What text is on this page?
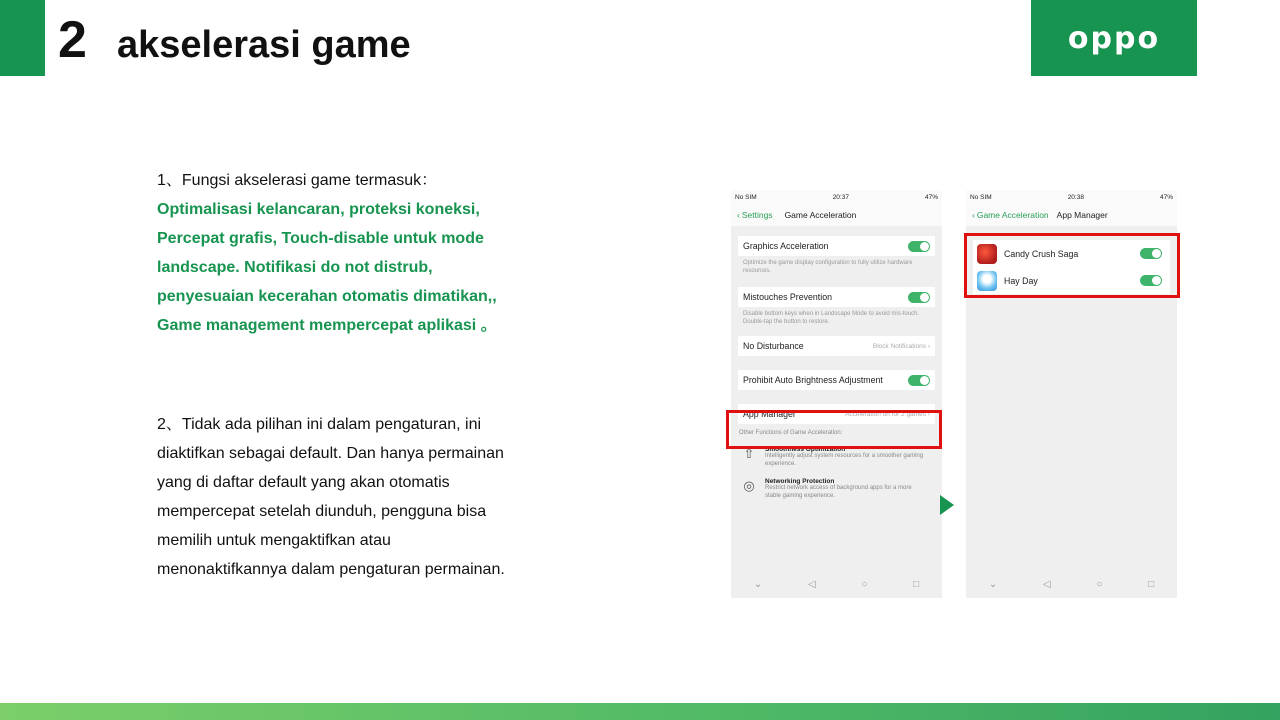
2 akselerasi game	oppo
1、Fungsi akselerasi game termasuk：
Optimalisasi kelancaran, proteksi koneksi,
Percepat grafis, Touch-disable untuk mode
landscape. Notifikasi do not distrub,
penyesuaian kecerahan otomatis dimatikan,,
Game management mempercepat aplikasi 。
2、Tidak ada pilihan ini dalam pengaturan, ini
diaktifkan sebagai default. Dan hanya permainan
yang di daftar default yang akan otomatis
mempercepat setelah diunduh, pengguna bisa
memilih untuk mengaktifkan atau
menonaktifkannya dalam pengaturan permainan.
No SIM	20:37	47%
‹ Settings Game Acceleration
Graphics Acceleration
Optimize the game display configuration to fully utilize hardware resources.
Mistouches Prevention
Disable bottom keys when in Landscape Mode to avoid mis-touch. Double-tap the button to restore.
No Disturbance	Block Notifications ›
Prohibit Auto Brightness Adjustment
App Manager	Acceleration on for 2 games ›
Other Functions of Game Acceleration:
⇧	Smoothness Optimization
Intelligently adjust system resources for a smoother gaming experience.
◎	Networking Protection
Restrict network access of background apps for a more stable gaming experience.
⌄	◁	○	□
No SIM	20:38	47%
‹ Game Acceleration App Manager
Candy Crush Saga
Hay Day
⌄	◁	○	□
